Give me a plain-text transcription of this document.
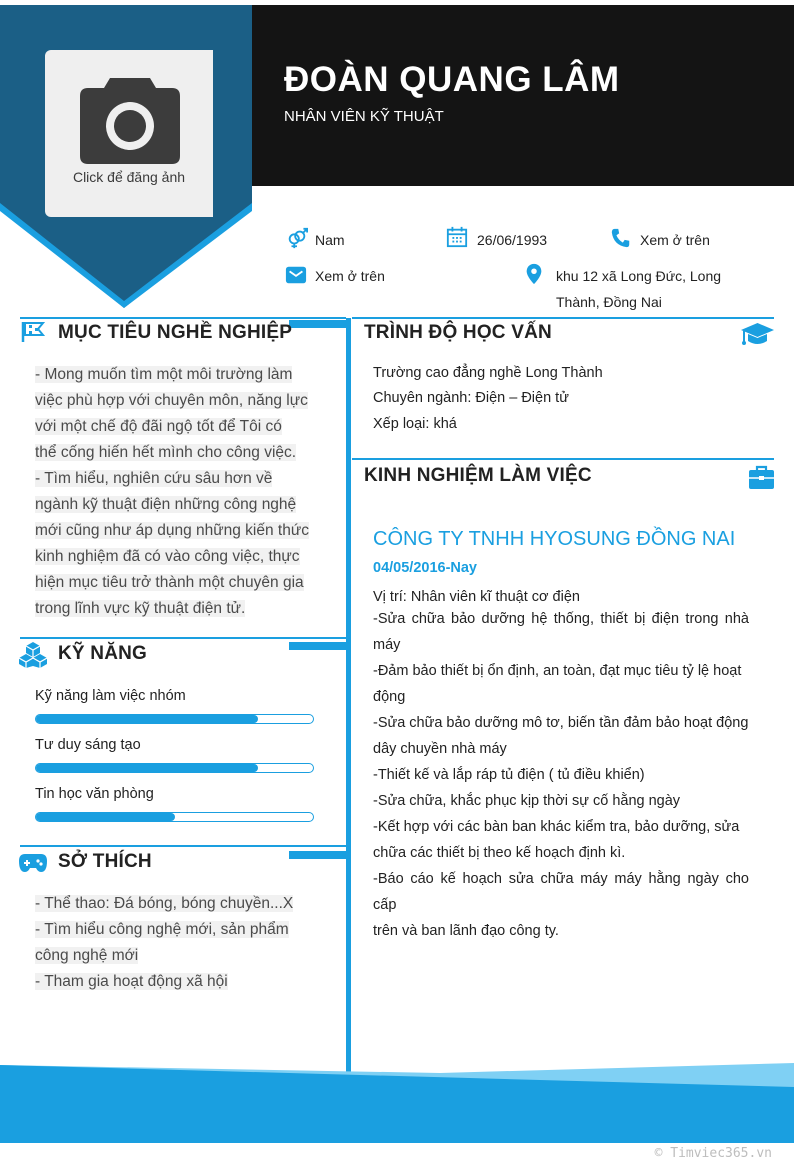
Click để đăng ảnh
ĐOÀN QUANG LÂM
NHÂN VIÊN KỸ THUẬT
Nam	26/06/1993	Xem ở trên
Xem ở trên	khu 12 xã Long Đức, Long
Thành, Đồng Nai
MỤC TIÊU NGHỀ NGHIỆP
- Mong muốn tìm một môi trường làm
việc phù hợp với chuyên môn, năng lực
với một chế độ đãi ngộ tốt để Tôi có
thể cống hiến hết mình cho công việc.
- Tìm hiểu, nghiên cứu sâu hơn về
ngành kỹ thuật điện những công nghệ
mới cũng như áp dụng những kiến thức
kinh nghiệm đã có vào công việc, thực
hiện mục tiêu trở thành một chuyên gia
trong lĩnh vực kỹ thuật điện tử.
KỸ NĂNG
Kỹ năng làm việc nhóm
Tư duy sáng tạo
Tin học văn phòng
SỞ THÍCH
- Thể thao: Đá bóng, bóng chuyền...X
- Tìm hiểu công nghệ mới, sản phẩm
công nghệ mới
- Tham gia hoạt động xã hội
TRÌNH ĐỘ HỌC VẤN
Trường cao đẳng nghề Long Thành
Chuyên ngành: Điện – Điện tử
Xếp loại: khá
KINH NGHIỆM LÀM VIỆC
CÔNG TY TNHH HYOSUNG ĐỒNG NAI
04/05/2016-Nay
Vị trí: Nhân viên kĩ thuật cơ điện
-Sửa chữa bảo dưỡng hệ thống, thiết bị điện trong nhà máy
-Đảm bảo thiết bị ổn định, an toàn, đạt mục tiêu tỷ lệ hoạt
động
-Sửa chữa bảo dưỡng mô tơ, biến tần đảm bảo hoạt động
dây chuyền nhà máy
-Thiết kế và lắp ráp tủ điện ( tủ điều khiển)
-Sửa chữa, khắc phục kịp thời sự cố hằng ngày
-Kết hợp với các bàn ban khác kiểm tra, bảo dưỡng, sửa
chữa các thiết bị theo kế hoạch định kì.
-Báo cáo kế hoạch sửa chữa máy máy hằng ngày cho cấp
trên và ban lãnh đạo công ty.
© Timviec365.vn
